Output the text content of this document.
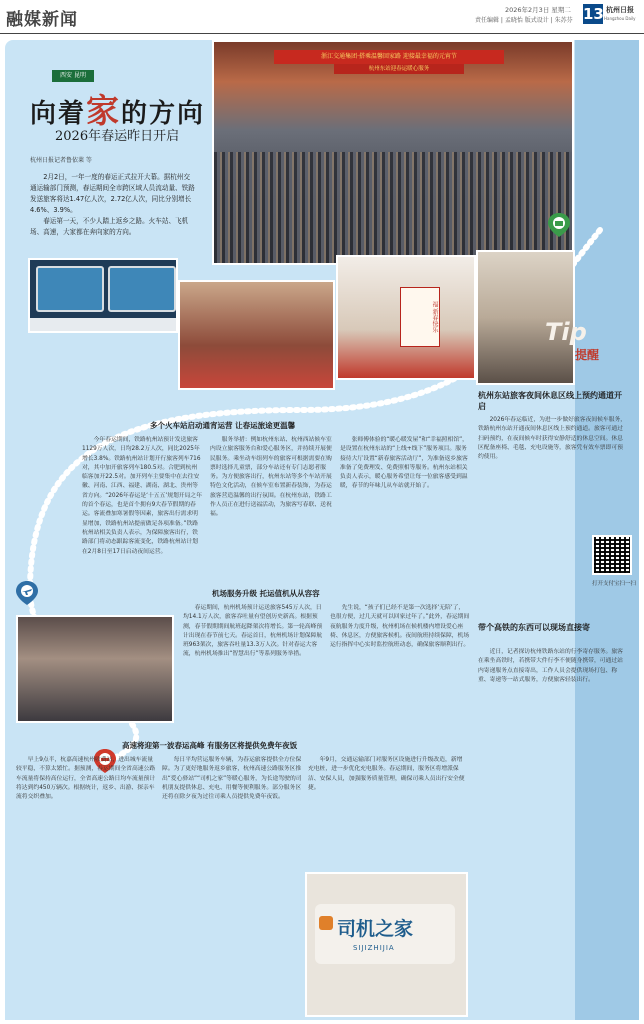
融媒新闻	2026年2月3日 星期二
责任编辑 | 孟晓怡 版式设计 | 朱苏芬 13 杭州日报
Hangzhou Daily
向着家的方向
2026年春运昨日开启
杭州日报记者鲁依莱 等

2月2日，一年一度的春运正式拉开大幕。据杭州交通运输部门预测，春运期间全市跨区域人员流动量、铁路发送旅客将达1.47亿人次，2.72亿人次，同比分别增长4.6%、3.9%。

春运第一天，不少人踏上返乡之路。火车站、飞机场、高速，大家都在奔向家的方向。

浙江交通集团·搭乘温馨回家路 迎接最幸福的元宵节
杭州东站迎春运暖心服务
西安 昆明
福 新春快乐	Tip
提醒
多个火车站启动通宵运营 让春运旅途更温馨
今年春运期间，铁路杭州站预计发送旅客1129万人次，日均28.2万人次，同比2025年增长3.8%。铁路杭州站计划开行旅客列车716对，其中加开旅客列车180.5对。合肥到杭州临客加开22.5对。加开列车主要集中在去往安徽、河南、江西、福建、湖南、湖北、贵州等省方向。“2026年春运是‘十五五’规划开局之年的首个春运，也是首个拥有9大春节假期的春运。客流叠加寒暑假等因素，旅客出行需求明显增加，铁路杭州站提前做足各项准备。”铁路杭州站相关负责人表示，为保障旅客出行，铁路部门将动态跟踪客流变化，铁路杭州站计划在2月8日至17日启动夜间运营。
服务举措：例如杭州东站、杭州西站候车室内设立旅客服务台和爱心服务区，并持续开展便民服务。乘坐动车组列车的旅客可根据需要在购票时选择儿童票，部分车站还有专门志愿者服务。为方便旅客出行，杭州东站等多个车站开展特色文化活动，在候车室布置新春装饰，为春运旅客营造温馨的出行氛围。在杭州东站，铁路工作人员正在进行送福活动，为旅客写春联、送祝福。
张师傅体验的“暖心暖发屋”和“幸福照相馆”，是设置在杭州东站的“上线+线下”服务项目。服务接待大厅设置“新春旅客活动厅”，为准备返乡旅客准备了免费理发、免费照相等服务。杭州东站相关负责人表示，暖心服务希望让每一位旅客感受到温暖，春节的年味儿从车站就开始了。
机场服务升级 托运值机从从容容
春运期间，杭州机场预计运送旅客545万人次，日均14.1万人次，旅客吞吐量有望创历史新高。根据预测，春节假期期间航班起降架次将增长。第一轮高峰预计出现在春节前七天。春运首日，杭州机场计划保障航班963架次，旅客吞吐量13.3万人次。针对春运大客流，杭州机场推出“智慧出行”等系列服务举措。
先生说，“孩子们已经不是第一次选择‘无陪’了，也很方便，过几天就可以回家过年了。”此外，春运期间夜航服务力度升级，杭州机场在候机楼内增设爱心座椅、休息区，方便旅客候机。夜间航班持续保障，机场运行指挥中心实时监控航班动态，确保旅客顺利出行。
高速将迎第一波春运高峰 有服务区将提供免费年夜饭
早上9点半，杭嘉高速杭州收费站，进出城车流量较平稳，不算太繁忙。据预测，春运期间全省高速公路车流量将保持高位运行，全省高速公路日均车流量预计将达到约450万辆次。根据统计，返乡、出游、探亲车流将交织叠加。
每日平均营运服务车辆，为春运旅客提供全方位保障。为了更好地服务返乡旅客，杭州高速公路服务区推出“爱心驿站”“司机之家”等暖心服务，为长途驾驶的司机朋友提供休息、充电、用餐等便利服务。部分服务区还将在除夕夜为过往司乘人员提供免费年夜饭。
年9月，交通运输部门对服务区设施进行升级改造，新增充电桩，进一步优化充电服务。春运期间，服务区将增派保洁、安保人员，加强服务质量管理，确保司乘人员出行安全便捷。
司机之家
SIJIZHIJIA
杭州东站旅客夜间休息区线上预约通道开启
2026年春运临近，为进一步做好旅客夜间候车服务，铁路杭州东站开通夜间休息区线上预约通道。旅客可通过扫码预约，在夜间候车时获得安静舒适的休息空间。休息区配备座椅、毛毯、充电设施等，旅客凭有效车票即可预约使用。
打开支付宝扫一扫
带个高铁的东西可以现场直接寄
近日，记者探访杭州铁路东站的行李寄存服务。旅客在乘坐高铁时，若携带大件行李不便随身携带，可通过站内寄递服务点直接寄出，工作人员会提供现场打包、称重、寄递等一站式服务，方便旅客轻装出行。
